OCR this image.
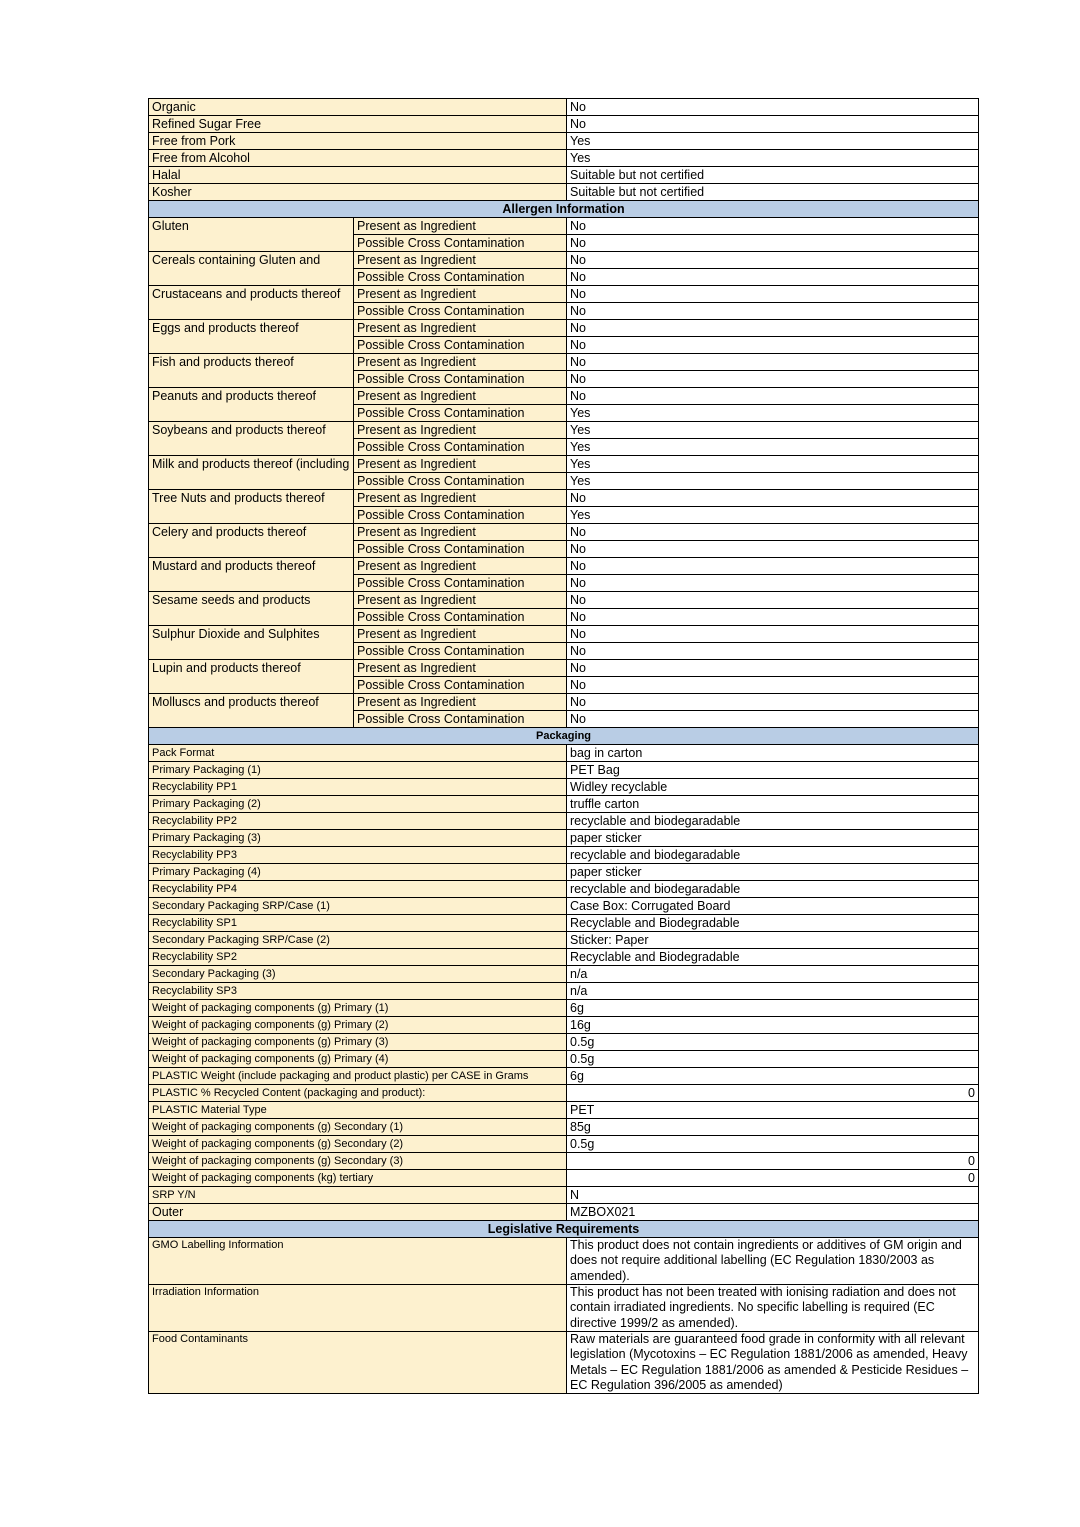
Organic		No
Refined Sugar Free		No
Free from Pork		Yes
Free from Alcohol		Yes
Halal		Suitable but not certified
Kosher		Suitable but not certified
Allergen Information		
Gluten	Present as Ingredient	No
	Possible Cross Contamination	No
Cereals containing Gluten and	Present as Ingredient	No
	Possible Cross Contamination	No
Crustaceans and products thereof	Present as Ingredient	No
	Possible Cross Contamination	No
Eggs and products thereof	Present as Ingredient	No
	Possible Cross Contamination	No
Fish and products thereof	Present as Ingredient	No
	Possible Cross Contamination	No
Peanuts and products thereof	Present as Ingredient	No
	Possible Cross Contamination	Yes
Soybeans and products thereof	Present as Ingredient	Yes
	Possible Cross Contamination	Yes
Milk and products thereof (including	Present as Ingredient	Yes
	Possible Cross Contamination	Yes
Tree Nuts and products thereof	Present as Ingredient	No
	Possible Cross Contamination	Yes
Celery and products thereof	Present as Ingredient	No
	Possible Cross Contamination	No
Mustard and products thereof	Present as Ingredient	No
	Possible Cross Contamination	No
Sesame seeds and products	Present as Ingredient	No
	Possible Cross Contamination	No
Sulphur Dioxide and Sulphites	Present as Ingredient	No
	Possible Cross Contamination	No
Lupin and products thereof	Present as Ingredient	No
	Possible Cross Contamination	No
Molluscs and products thereof	Present as Ingredient	No
	Possible Cross Contamination	No
Packaging		
Pack Format		bag in carton
Primary Packaging (1)		PET Bag
Recyclability PP1		Widley recyclable
Primary Packaging (2)		truffle carton
Recyclability PP2		recyclable and biodegaradable
Primary Packaging (3)		paper sticker
Recyclability PP3		recyclable and biodegaradable
Primary Packaging (4)		paper sticker
Recyclability PP4		recyclable and biodegaradable
Secondary Packaging SRP/Case (1)		Case Box: Corrugated Board
Recyclability SP1		Recyclable and Biodegradable
Secondary Packaging SRP/Case (2)		Sticker: Paper
Recyclability SP2		Recyclable and Biodegradable
Secondary Packaging (3)		n/a
Recyclability SP3		n/a
Weight of packaging components (g) Primary (1)		6g
Weight of packaging components (g) Primary (2)		16g
Weight of packaging components (g) Primary (3)		0.5g
Weight of packaging components (g) Primary (4)		0.5g
PLASTIC Weight (include packaging and product plastic) per CASE in Grams		6g
PLASTIC % Recycled Content (packaging and product):		0
PLASTIC Material Type		PET
Weight of packaging components (g) Secondary (1)		85g
Weight of packaging components (g) Secondary (2)		0.5g
Weight of packaging components (g) Secondary (3)		0
Weight of packaging components (kg) tertiary		0
SRP Y/N		N
Outer		MZBOX021
Legislative Requirements		
GMO Labelling Information		This product does not contain ingredients or additives of GM origin and does not require additional labelling (EC Regulation 1830/2003 as amended).
Irradiation Information		This product has not been treated with ionising radiation and does not contain irradiated ingredients. No specific labelling is required (EC directive 1999/2 as amended).
Food Contaminants		Raw materials are guaranteed food grade in conformity with all relevant legislation (Mycotoxins – EC Regulation 1881/2006 as amended, Heavy Metals – EC Regulation 1881/2006 as amended & Pesticide Residues – EC Regulation 396/2005 as amended)
